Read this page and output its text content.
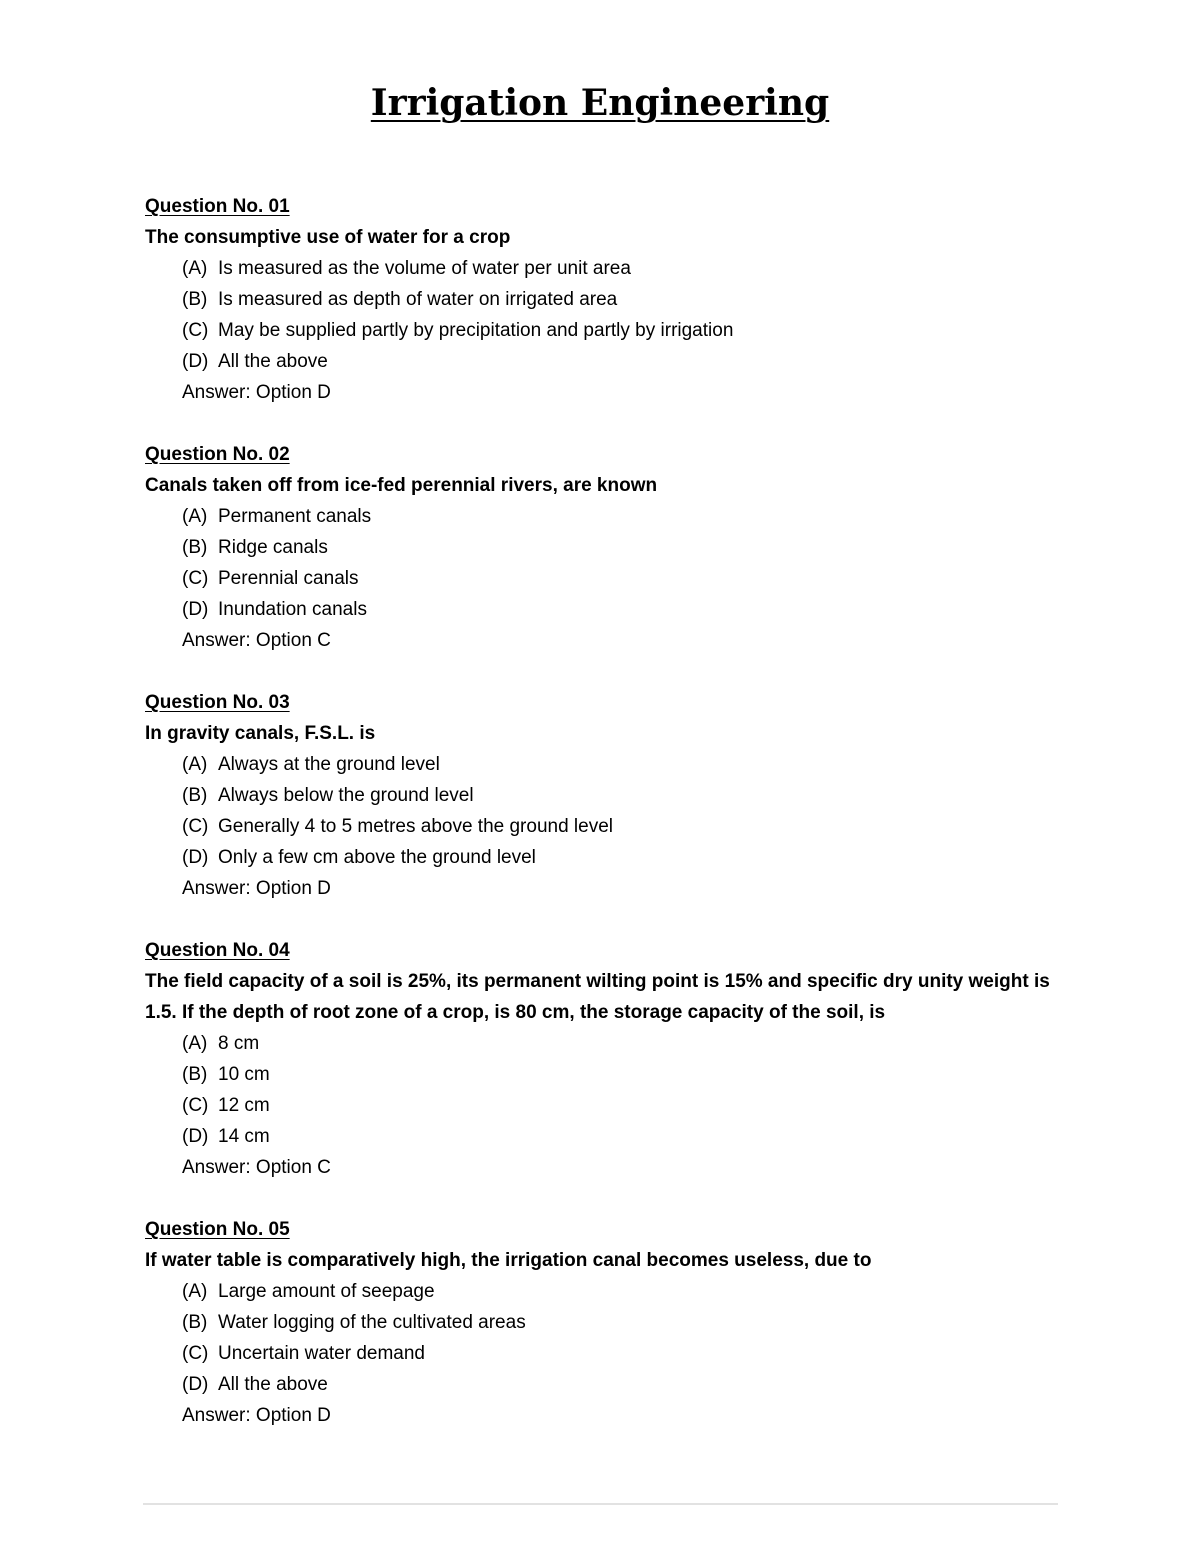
Irrigation Engineering
Question No. 01
The consumptive use of water for a crop
(A) Is measured as the volume of water per unit area
(B) Is measured as depth of water on irrigated area
(C) May be supplied partly by precipitation and partly by irrigation
(D) All the above
Answer: Option D
Question No. 02
Canals taken off from ice-fed perennial rivers, are known
(A) Permanent canals
(B) Ridge canals
(C) Perennial canals
(D) Inundation canals
Answer: Option C
Question No. 03
In gravity canals, F.S.L. is
(A) Always at the ground level
(B) Always below the ground level
(C) Generally 4 to 5 metres above the ground level
(D) Only a few cm above the ground level
Answer: Option D
Question No. 04
The field capacity of a soil is 25%, its permanent wilting point is 15% and specific dry unity weight is 1.5. If the depth of root zone of a crop, is 80 cm, the storage capacity of the soil, is
(A) 8 cm
(B) 10 cm
(C) 12 cm
(D) 14 cm
Answer: Option C
Question No. 05
If water table is comparatively high, the irrigation canal becomes useless, due to
(A) Large amount of seepage
(B) Water logging of the cultivated areas
(C) Uncertain water demand
(D) All the above
Answer: Option D
